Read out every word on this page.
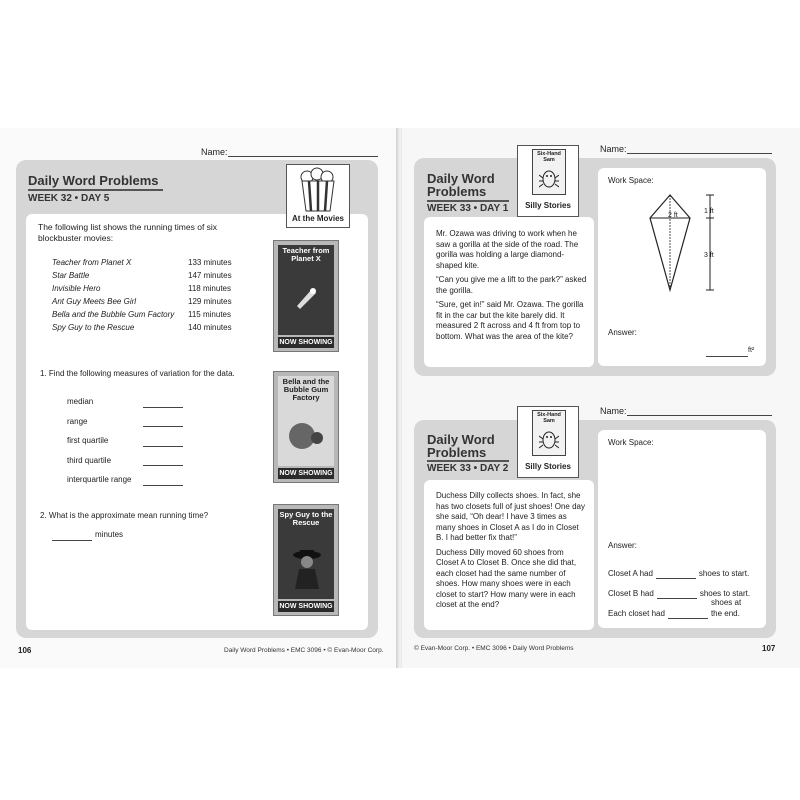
Name:
Daily Word Problems
WEEK 32 • DAY 5
At the Movies
The following list shows the running times of six blockbuster movies:
Teacher from Planet X	133 minutes
Star Battle	147 minutes
Invisible Hero	118 minutes
Ant Guy Meets Bee Girl	129 minutes
Bella and the Bubble Gum Factory	115 minutes
Spy Guy to the Rescue	140 minutes
1. Find the following measures of variation for the data.
median
range
first quartile
third quartile
interquartile range
2. What is the approximate mean running time?
minutes
Teacher from Planet X
NOW SHOWING
Bella and the Bubble Gum Factory
NOW SHOWING
Spy Guy to the Rescue
NOW SHOWING
106	Daily Word Problems • EMC 3096 • © Evan-Moor Corp.
Name:
Daily Word
Problems
WEEK 33 • DAY 1
Six-Hand
Sam
Silly Stories

Mr. Ozawa was driving to work when he saw a gorilla at the side of the road. The gorilla was holding a large diamond-shaped kite.

“Can you give me a lift to the park?” asked the gorilla.

“Sure, get in!” said Mr. Ozawa. The gorilla fit in the car but the kite barely did. It measured 2 ft across and 4 ft from top to bottom. What was the area of the kite?

Work Space:
2 ft
1 ft
3 ft
Answer:
ft²
Name:
Daily Word
Problems
WEEK 33 • DAY 2
Six-Hand
Sam
Silly Stories

Duchess Dilly collects shoes. In fact, she has two closets full of just shoes! One day she said, “Oh dear! I have 3 times as many shoes in Closet A as I do in Closet B. I had better fix that!”

Duchess Dilly moved 60 shoes from Closet A to Closet B. Once she did that, each closet had the same number of shoes. How many shoes were in each closet to start? How many were in each closet at the end?

Work Space:
Answer:
Closet A had	shoes to start.
Closet B had	shoes to start.
Each closet had
shoes at the end.
© Evan-Moor Corp. • EMC 3096 • Daily Word Problems	107
